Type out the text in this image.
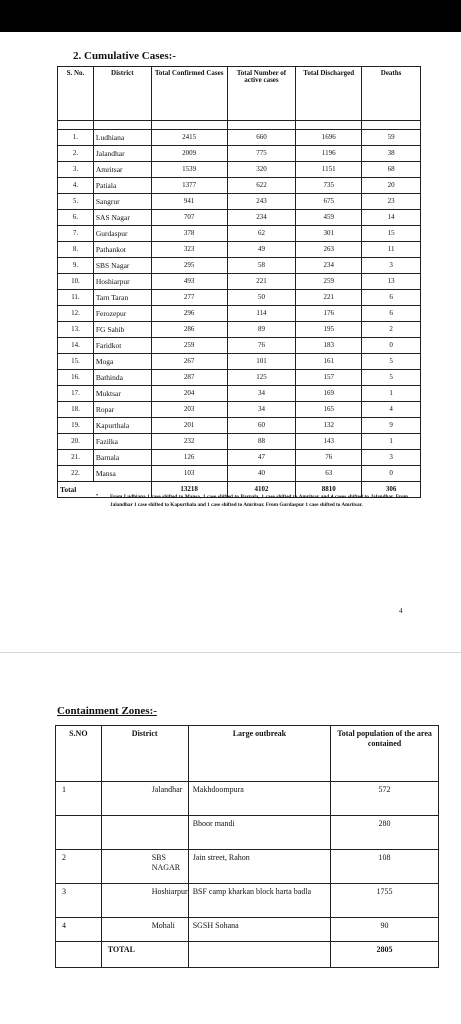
2. Cumulative Cases:-
S. No.	District	Total Confirmed Cases	Total Number of active cases	Total Discharged	Deaths

1.	Ludhiana	2415	660	1696	59
2.	Jalandhar	2009	775	1196	38
3.	Amritsar	1539	320	1151	68
4.	Patiala	1377	622	735	20
5.	Sangrur	941	243	675	23
6.	SAS Nagar	707	234	459	14
7.	Gurdaspur	378	62	301	15
8.	Pathankot	323	49	263	11
9.	SBS Nagar	295	58	234	3
10.	Hoshiarpur	493	221	259	13
11.	Tarn Taran	277	50	221	6
12.	Ferozepur	296	114	176	6
13.	FG Sahib	286	89	195	2
14.	Faridkot	259	76	183	0
15.	Moga	267	101	161	5
16.	Bathinda	287	125	157	5
17.	Muktsar	204	34	169	1
18.	Ropar	203	34	165	4
19.	Kapurthala	201	60	132	9
20.	Fazilka	232	88	143	1
21.	Barnala	126	47	76	3
22.	Mansa	103	40	63	0
Total		13218	4102	8810	306
• From Ludhiana 1 case shifted to Mansa, 1 case shifted to Barnala, 1 case shifted to Amritsar and 4 cases shifted to Jalandhar. From Jalandhar 1 case shifted to Kapurthala and 1 case shifted to Amritsar. From Gurdaspur 1 case shifted to Amritsar.
4
Containment Zones:-
S.NO	District	Large outbreak	Total population of the area contained
1	Jalandhar	Makhdoompura	572
		Bhoor mandi	280
2	SBS NAGAR	Jain street, Rahon	108
3	Hoshiarpur	BSF camp kharkan block harta badla	1755
4	Mohali	SGSH Sohana	90
	TOTAL		2805
